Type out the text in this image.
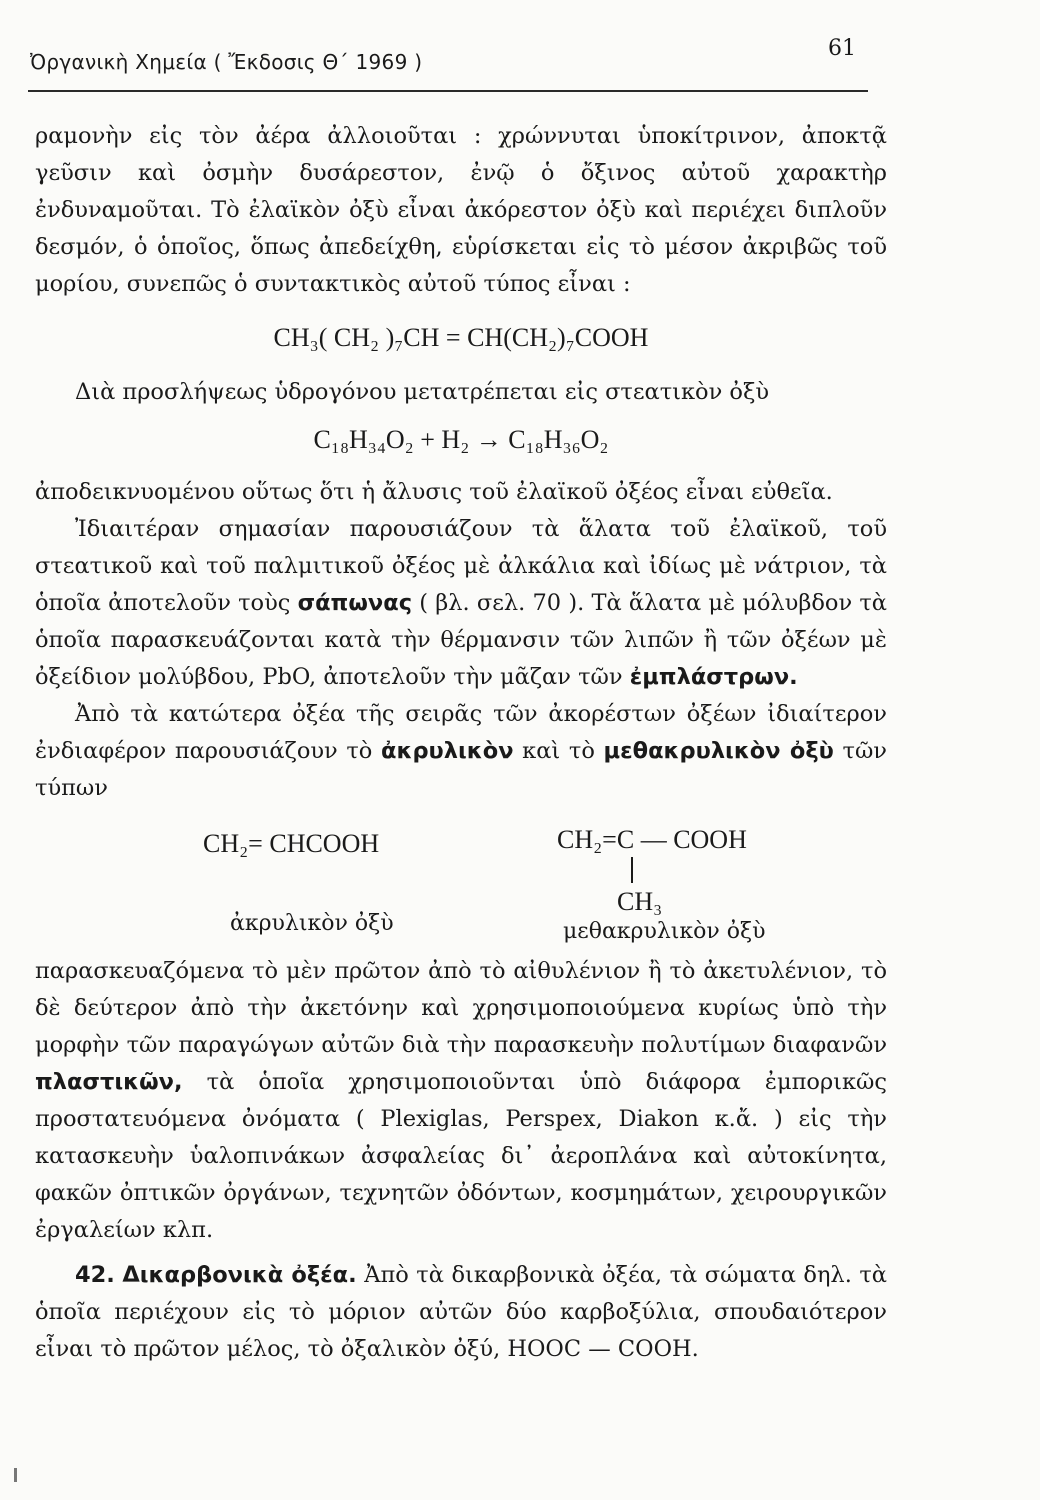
Ὀργανικὴ Χημεία ( Ἔκδοσις Θ΄ 1969 )
61

ραμονὴν εἰς τὸν ἀέρα ἀλλοιοῦται : χρώννυται ὑποκίτρινον, ἀποκτᾷ γεῦσιν καὶ ὀσμὴν δυσάρεστον, ἐνῷ ὁ ὄξινος αὐτοῦ χαρακτὴρ ἐνδυναμοῦται. Τὸ ἐλαϊκὸν ὀξὺ εἶναι ἀκόρεστον ὀξὺ καὶ περιέχει διπλοῦν δεσμόν, ὁ ὁποῖος, ὅπως ἀπεδείχθη, εὑρίσκεται εἰς τὸ μέσον ἀκριβῶς τοῦ μορίου, συνεπῶς ὁ συντακτικὸς αὐτοῦ τύπος εἶναι :

CH₃( CH₂ )₇CH = CH(CH₂)₇COOH

Διὰ προσλήψεως ὑδρογόνου μετατρέπεται εἰς στεατικὸν ὀξὺ

C₁₈H₃₄O₂ + H₂ → C₁₈H₃₆O₂

ἀποδεικνυομένου οὕτως ὅτι ἡ ἄλυσις τοῦ ἐλαϊκοῦ ὀξέος εἶναι εὐθεῖα.

Ἰδιαιτέραν σημασίαν παρουσιάζουν τὰ ἅλατα τοῦ ἐλαϊκοῦ, τοῦ στεατικοῦ καὶ τοῦ παλμιτικοῦ ὀξέος μὲ ἀλκάλια καὶ ἰδίως μὲ νάτριον, τὰ ὁποῖα ἀποτελοῦν τοὺς σάπωνας ( βλ. σελ. 70 ). Τὰ ἅλατα μὲ μόλυβδον τὰ ὁποῖα παρασκευάζονται κατὰ τὴν θέρμανσιν τῶν λιπῶν ἢ τῶν ὀξέων μὲ ὀξείδιον μολύβδου, PbO, ἀποτελοῦν τὴν μᾶζαν τῶν ἐμπλάστρων.

Ἀπὸ τὰ κατώτερα ὀξέα τῆς σειρᾶς τῶν ἀκορέστων ὀξέων ἰδιαίτερον ἐνδιαφέρον παρουσιάζουν τὸ ἀκρυλικὸν καὶ τὸ μεθακρυλικὸν ὀξὺ τῶν τύπων

CH₂= CHCOOH
ἀκρυλικὸν ὀξὺ
CH₂=C — COOH
CH₃
μεθακρυλικὸν ὀξὺ

παρασκευαζόμενα τὸ μὲν πρῶτον ἀπὸ τὸ αἰθυλένιον ἢ τὸ ἀκετυλένιον, τὸ δὲ δεύτερον ἀπὸ τὴν ἀκετόνην καὶ χρησιμοποιούμενα κυρίως ὑπὸ τὴν μορφὴν τῶν παραγώγων αὐτῶν διὰ τὴν παρασκευὴν πολυτίμων διαφανῶν πλαστικῶν, τὰ ὁποῖα χρησιμοποιοῦνται ὑπὸ διάφορα ἐμπορικῶς προστατευόμενα ὀνόματα ( Plexiglas, Perspex, Diakon κ.ἄ. ) εἰς τὴν κατασκευὴν ὑαλοπινάκων ἀσφαλείας δι᾿ ἀεροπλάνα καὶ αὐτοκίνητα, φακῶν ὀπτικῶν ὀργάνων, τεχνητῶν ὀδόντων, κοσμημάτων, χειρουργικῶν ἐργαλείων κλπ.

42. Δικαρβονικὰ ὀξέα. Ἀπὸ τὰ δικαρβονικὰ ὀξέα, τὰ σώματα δηλ. τὰ ὁποῖα περιέχουν εἰς τὸ μόριον αὐτῶν δύο καρβοξύλια, σπουδαιότερον εἶναι τὸ πρῶτον μέλος, τὸ ὀξαλικὸν ὀξύ, HOOC — COOH.
